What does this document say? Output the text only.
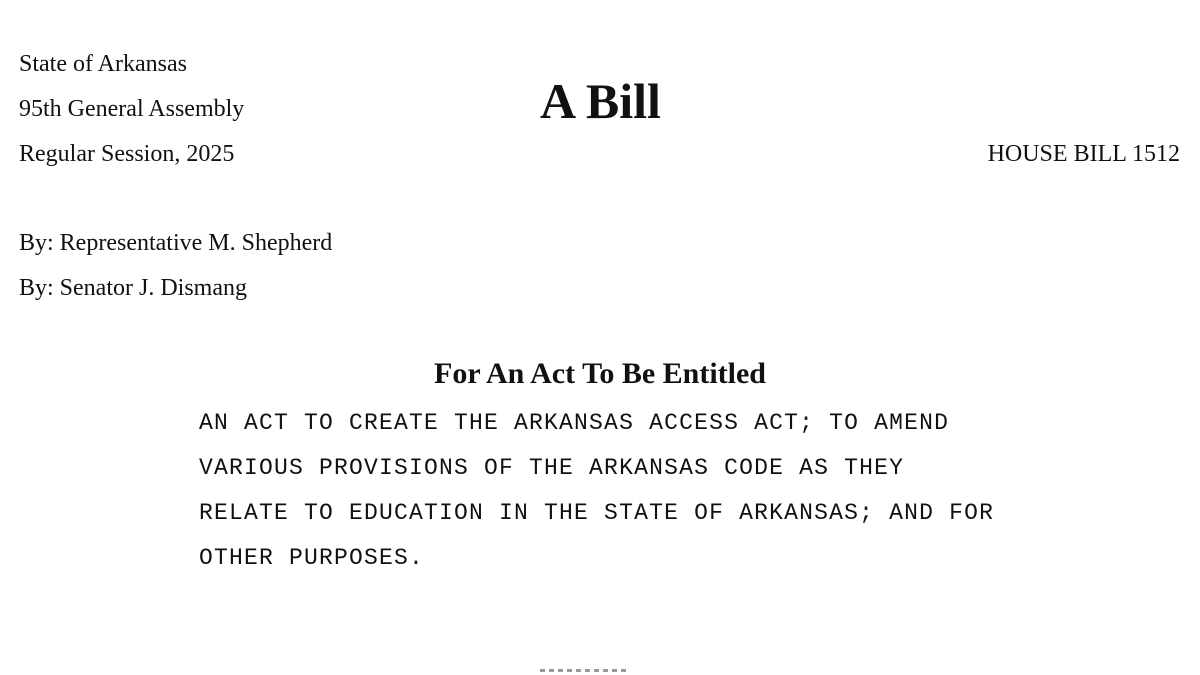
State of Arkansas
95th General Assembly
Regular Session, 2025
A Bill
HOUSE BILL 1512
By: Representative M. Shepherd
By: Senator J. Dismang
For An Act To Be Entitled
AN ACT TO CREATE THE ARKANSAS ACCESS ACT; TO AMEND
VARIOUS PROVISIONS OF THE ARKANSAS CODE AS THEY
RELATE TO EDUCATION IN THE STATE OF ARKANSAS; AND FOR
OTHER PURPOSES.
